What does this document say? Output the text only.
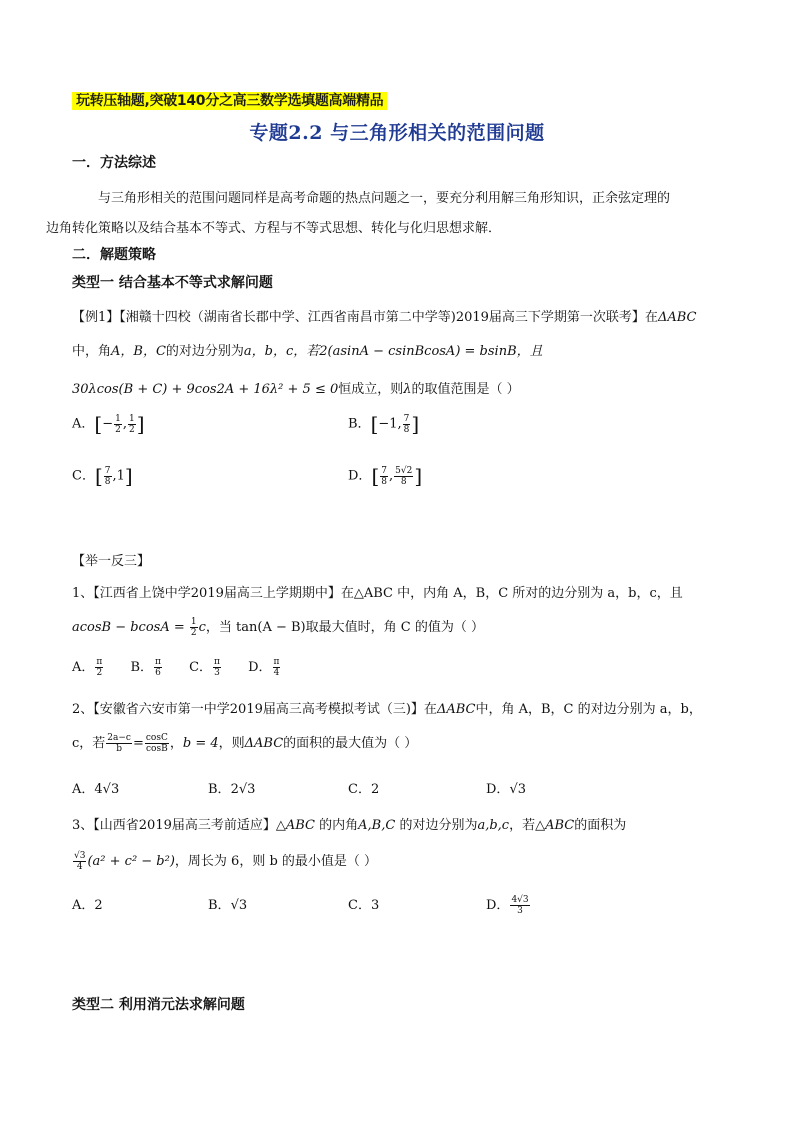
玩转压轴题,突破140分之高三数学选填题高端精品
专题2.2 与三角形相关的范围问题
一．方法综述
与三角形相关的范围问题同样是高考命题的热点问题之一，要充分利用解三角形知识，正余弦定理的
边角转化策略以及结合基本不等式、方程与不等式思想、转化与化归思想求解．
二．解题策略
类型一 结合基本不等式求解问题
【例1】【湘赣十四校（湖南省长郡中学、江西省南昌市第二中学等)2019届高三下学期第一次联考】在ΔABC
中，角A，B，C的对边分别为a，b，c，若2(asinA − csinBcosA) = bsinB，且
30λcos(B + C) + 9cos2A + 16λ² + 5 ≤ 0恒成立，则λ的取值范围是（ ）
A．[− $\frac{1}{2}$ , $\frac{1}{2}$ ]	B．[−1, $\frac{7}{8}$ ]
C．[ $\frac{7}{8} ,1$]	D．[ $\frac{7}{8}$ , $\frac{5√2}{8}$ ]
【举一反三】
1、【江西省上饶中学2019届高三上学期期中】在△ABC 中，内角 A，B，C 所对的边分别为 a，b，c，且
$acosB - bcosA = \frac{1}{2}$ c，当 tan(A − B)取最大值时，角 C 的值为（ ）
A． $\frac{\pi}{2}$ B． $\frac{\pi}{6}$ C． $\frac{\pi}{3}$ D． $\frac{\pi}{4}$
2、【安徽省六安市第一中学2019届高三高考模拟考试（三)】在ΔABC中，角 A，B，C 的对边分别为 a，b，
c，若 $\frac{2a-c}{b} = \frac{\cos C}{\cos B}$ ，b = 4，则ΔABC的面积的最大值为（ ）
A．4√3	B．2√3	C．2	D．√3
3、【山西省2019届高三考前适应】△ABC 的内角A,B,C 的对边分别为a,b,c，若△ABC的面积为
$\frac{√3}{4} (a^2 + c^2 - b^2)$，周长为 6，则 b 的最小值是（ ）
A．2	B．√3	C．3	D． $\frac{4√3}{3}$
类型二 利用消元法求解问题
